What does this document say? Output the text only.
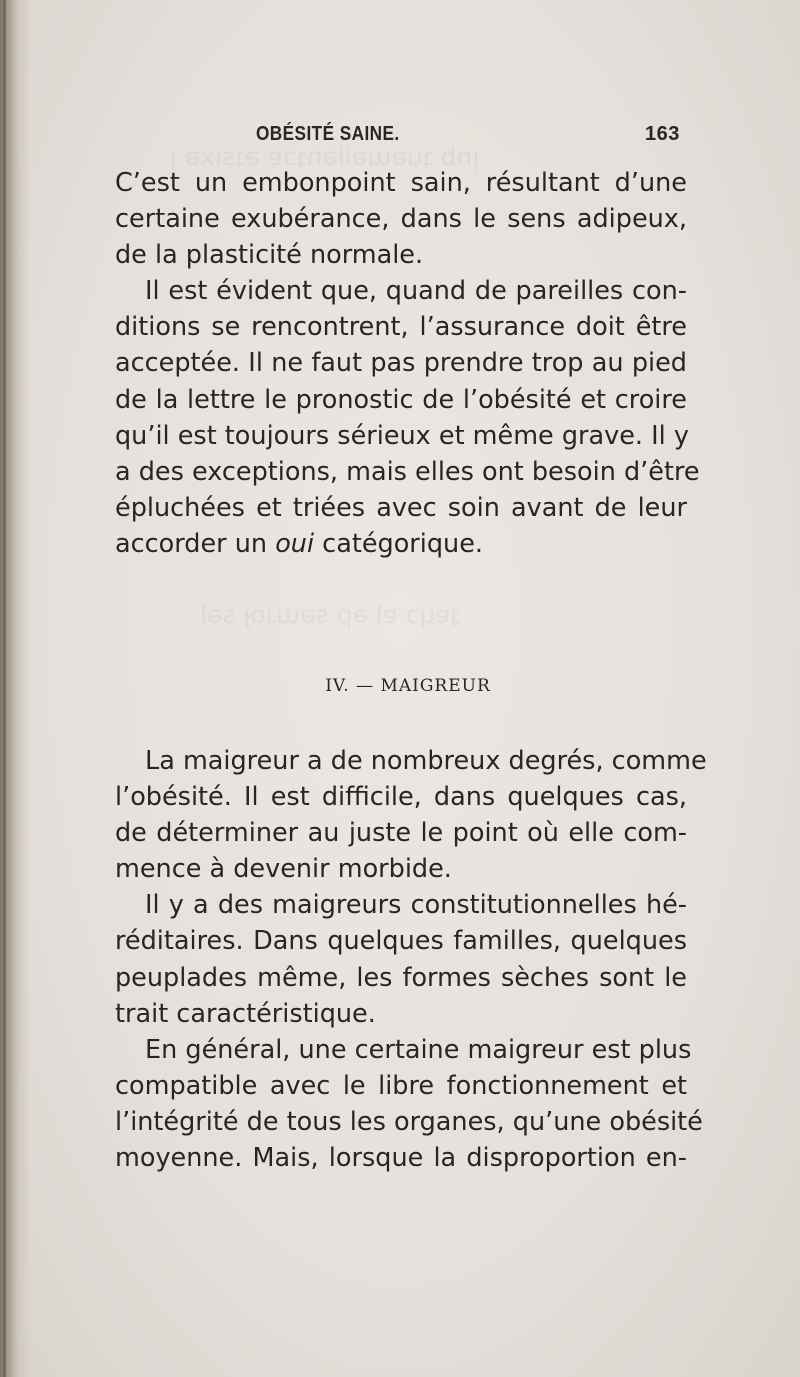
ᴉnb ʇuǝɯǝllǝnʇɔɐ ǝʇsᴉxǝ ᴉ
ʇɐɥɔ ɐl ǝp sǝɯɹoɟ sǝl
OBÉSITÉ SAINE.	163
C’est un embonpoint sain, résultant d’une
certaine exubérance, dans le sens adipeux,
de la plasticité normale.
Il est évident que, quand de pareilles con-
ditions se rencontrent, l’assurance doit être
acceptée. Il ne faut pas prendre trop au pied
de la lettre le pronostic de l’obésité et croire
qu’il est toujours sérieux et même grave. Il y
a des exceptions, mais elles ont besoin d’être
épluchées et triées avec soin avant de leur
accorder un oui catégorique.
IV. — MAIGREUR
La maigreur a de nombreux degrés, comme
l’obésité. Il est difficile, dans quelques cas,
de déterminer au juste le point où elle com-
mence à devenir morbide.
Il y a des maigreurs constitutionnelles hé-
réditaires. Dans quelques familles, quelques
peuplades même, les formes sèches sont le
trait caractéristique.
En général, une certaine maigreur est plus
compatible avec le libre fonctionnement et
l’intégrité de tous les organes, qu’une obésité
moyenne. Mais, lorsque la disproportion en-
